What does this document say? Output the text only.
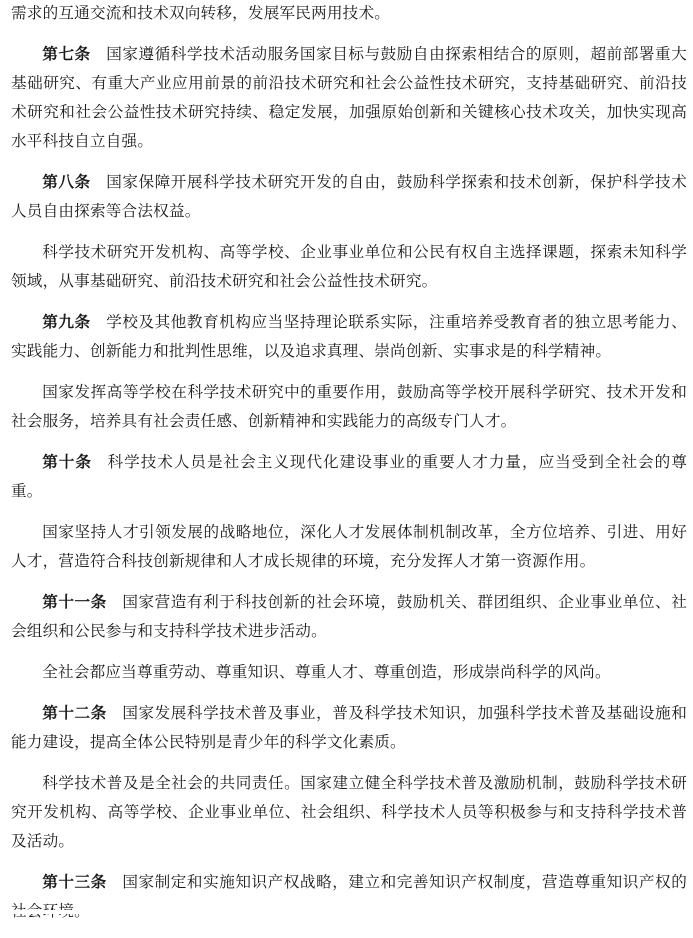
需求的互通交流和技术双向转移，发展军民两用技术。

第七条 国家遵循科学技术活动服务国家目标与鼓励自由探索相结合的原则，超前部署重大基础研究、有重大产业应用前景的前沿技术研究和社会公益性技术研究，支持基础研究、前沿技术研究和社会公益性技术研究持续、稳定发展，加强原始创新和关键核心技术攻关，加快实现高水平科技自立自强。

第八条 国家保障开展科学技术研究开发的自由，鼓励科学探索和技术创新，保护科学技术人员自由探索等合法权益。

科学技术研究开发机构、高等学校、企业事业单位和公民有权自主选择课题，探索未知科学领域，从事基础研究、前沿技术研究和社会公益性技术研究。

第九条 学校及其他教育机构应当坚持理论联系实际，注重培养受教育者的独立思考能力、实践能力、创新能力和批判性思维，以及追求真理、崇尚创新、实事求是的科学精神。

国家发挥高等学校在科学技术研究中的重要作用，鼓励高等学校开展科学研究、技术开发和社会服务，培养具有社会责任感、创新精神和实践能力的高级专门人才。

第十条 科学技术人员是社会主义现代化建设事业的重要人才力量，应当受到全社会的尊重。

国家坚持人才引领发展的战略地位，深化人才发展体制机制改革，全方位培养、引进、用好人才，营造符合科技创新规律和人才成长规律的环境，充分发挥人才第一资源作用。

第十一条 国家营造有利于科技创新的社会环境，鼓励机关、群团组织、企业事业单位、社会组织和公民参与和支持科学技术进步活动。

全社会都应当尊重劳动、尊重知识、尊重人才、尊重创造，形成崇尚科学的风尚。

第十二条 国家发展科学技术普及事业，普及科学技术知识，加强科学技术普及基础设施和能力建设，提高全体公民特别是青少年的科学文化素质。

科学技术普及是全社会的共同责任。国家建立健全科学技术普及激励机制，鼓励科学技术研究开发机构、高等学校、企业事业单位、社会组织、科学技术人员等积极参与和支持科学技术普及活动。

第十三条 国家制定和实施知识产权战略，建立和完善知识产权制度，营造尊重知识产权的
